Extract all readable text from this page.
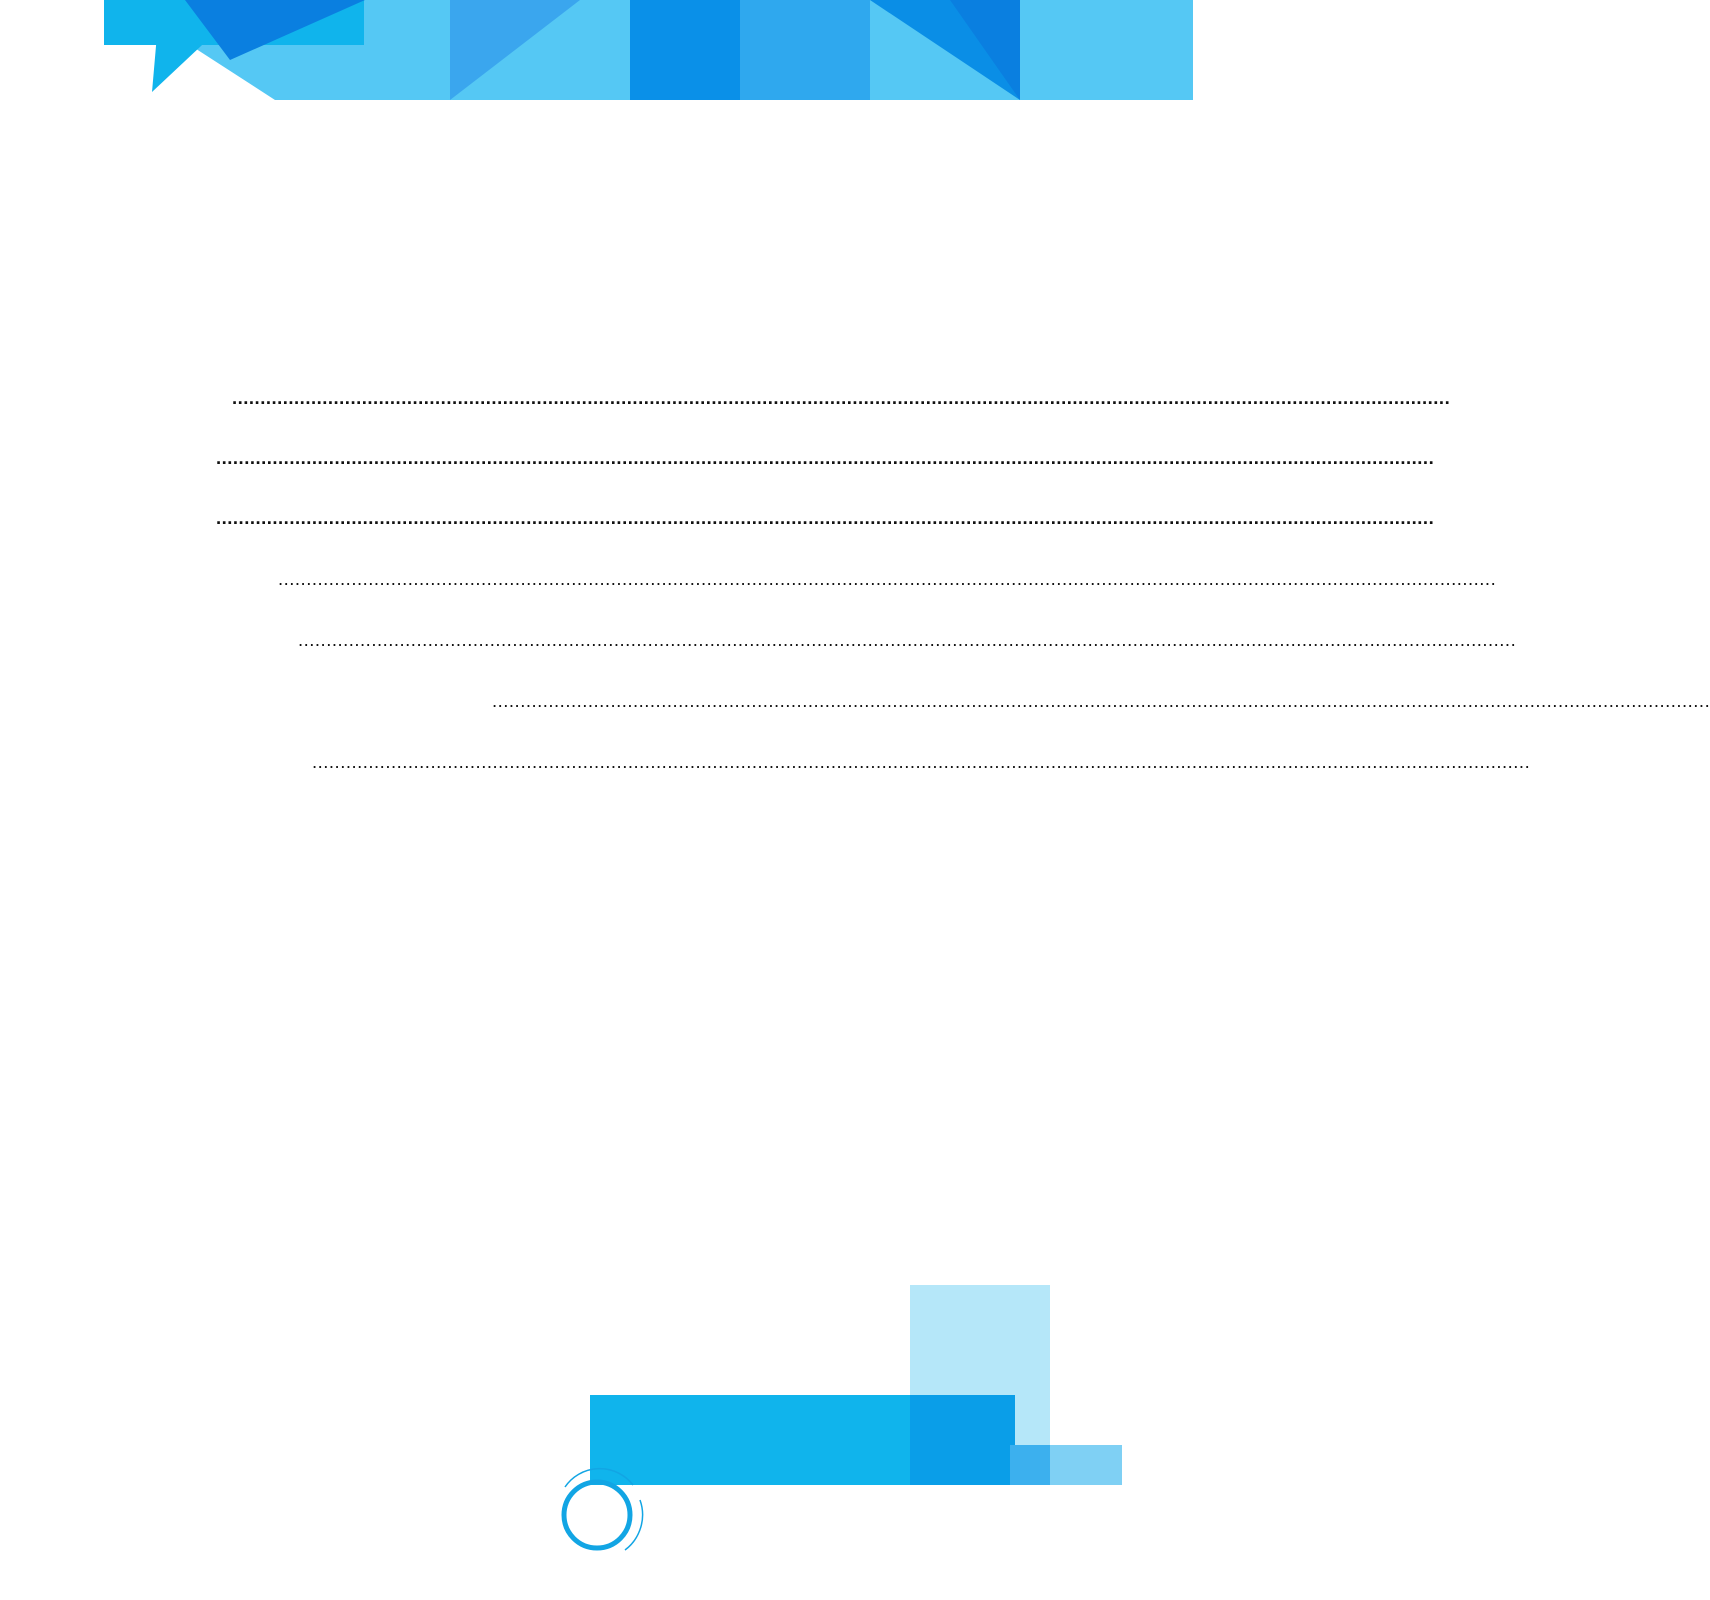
........................................................................................................................................................................................................................
........................................................................................................................................................................................................................
........................................................................................................................................................................................................................
........................................................................................................................................................................................................................
........................................................................................................................................................................................................................
........................................................................................................................................................................................................................
........................................................................................................................................................................................................................
